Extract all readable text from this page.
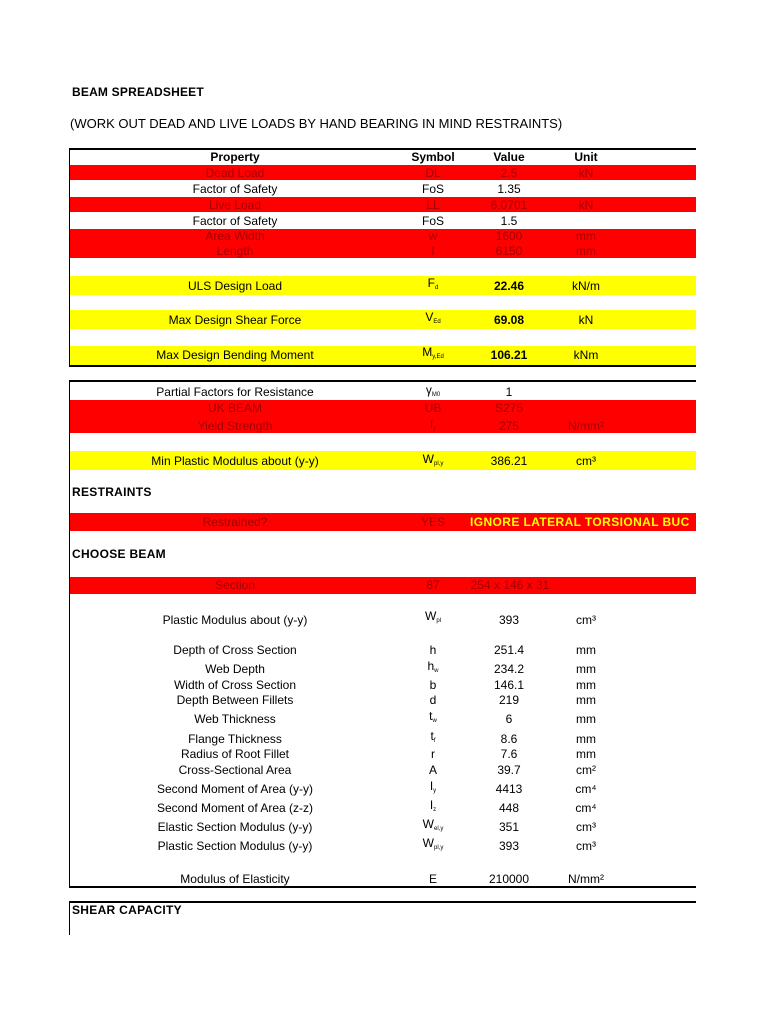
BEAM SPREADSHEET
(WORK OUT DEAD AND LIVE LOADS BY HAND BEARING IN MIND RESTRAINTS)
Property	Symbol	Value	Unit
Dead Load	DL	2.5	kN
Factor of Safety	FoS	1.35
Live Load	LL	6.0701	kN
Factor of Safety	FoS	1.5
Area Width	w	1600	mm
Length	l	6150	mm
ULS Design Load	$F_d$	22.46	kN/m
Max Design Shear Force	$V_{Ed}$	69.08	kN
Max Design Bending Moment	$M_{y,Ed}$	106.21	kNm
Partial Factors for Resistance	$\gamma_{M0}$	1
UK BEAM	UB	S275
Yield Strength	$f_y$	275	N/mm²
Min Plastic Modulus about (y-y)	$W_{pl,y}$	386.21	cm³
RESTRAINTS
Restrained?	YES	IGNORE LATERAL TORSIONAL BUC
CHOOSE BEAM
Section	87	254 x 146 x 31
Plastic Modulus about (y-y)	$W_{pl}$	393	cm³
Depth of Cross Section	h	251.4	mm
Web Depth	$h_w$	234.2	mm
Width of Cross Section	b	146.1	mm
Depth Between Fillets	d	219	mm
Web Thickness	$t_w$	6	mm
Flange Thickness	$t_f$	8.6	mm
Radius of Root Fillet	r	7.6	mm
Cross-Sectional Area	A	39.7	cm²
Second Moment of Area (y-y)	$I_y$	4413	cm⁴
Second Moment of Area (z-z)	$I_z$	448	cm⁴
Elastic Section Modulus (y-y)	$W_{el,y}$	351	cm³
Plastic Section Modulus (y-y)	$W_{pl,y}$	393	cm³
Modulus of Elasticity	E	210000	N/mm²
SHEAR CAPACITY
